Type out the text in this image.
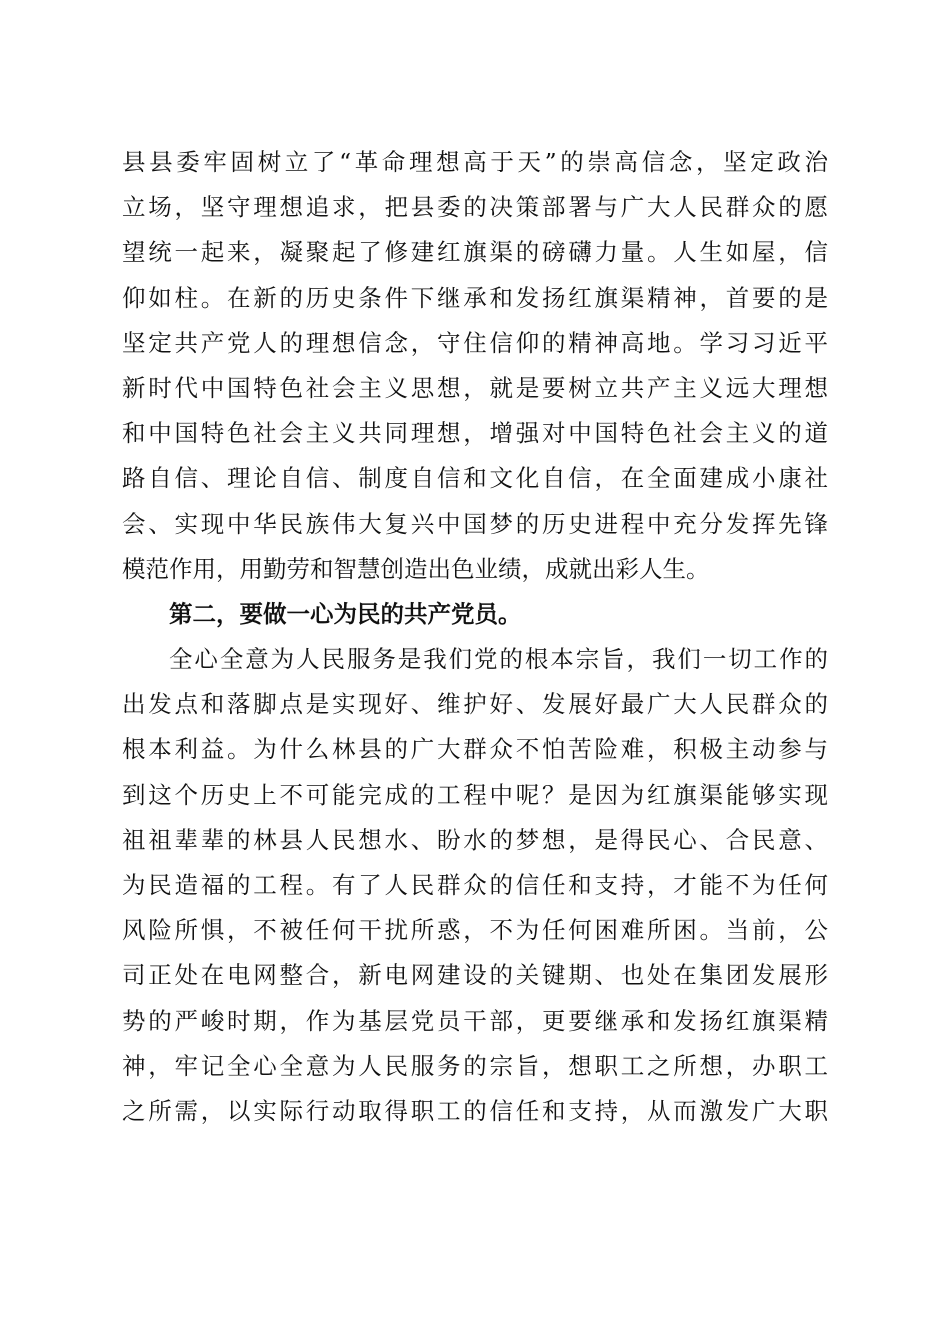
县县委牢固树立了“革命理想高于天”的崇高信念，坚定政治
立场，坚守理想追求，把县委的决策部署与广大人民群众的愿
望统一起来，凝聚起了修建红旗渠的磅礴力量。人生如屋，信
仰如柱。在新的历史条件下继承和发扬红旗渠精神，首要的是
坚定共产党人的理想信念，守住信仰的精神高地。学习习近平
新时代中国特色社会主义思想，就是要树立共产主义远大理想
和中国特色社会主义共同理想，增强对中国特色社会主义的道
路自信、理论自信、制度自信和文化自信，在全面建成小康社
会、实现中华民族伟大复兴中国梦的历史进程中充分发挥先锋
模范作用，用勤劳和智慧创造出色业绩，成就出彩人生。
第二，要做一心为民的共产党员。
全心全意为人民服务是我们党的根本宗旨，我们一切工作的
出发点和落脚点是实现好、维护好、发展好最广大人民群众的
根本利益。为什么林县的广大群众不怕苦险难，积极主动参与
到这个历史上不可能完成的工程中呢？是因为红旗渠能够实现
祖祖辈辈的林县人民想水、盼水的梦想，是得民心、合民意、
为民造福的工程。有了人民群众的信任和支持，才能不为任何
风险所惧，不被任何干扰所惑，不为任何困难所困。当前，公
司正处在电网整合，新电网建设的关键期、也处在集团发展形
势的严峻时期，作为基层党员干部，更要继承和发扬红旗渠精
神，牢记全心全意为人民服务的宗旨，想职工之所想，办职工
之所需，以实际行动取得职工的信任和支持，从而激发广大职
